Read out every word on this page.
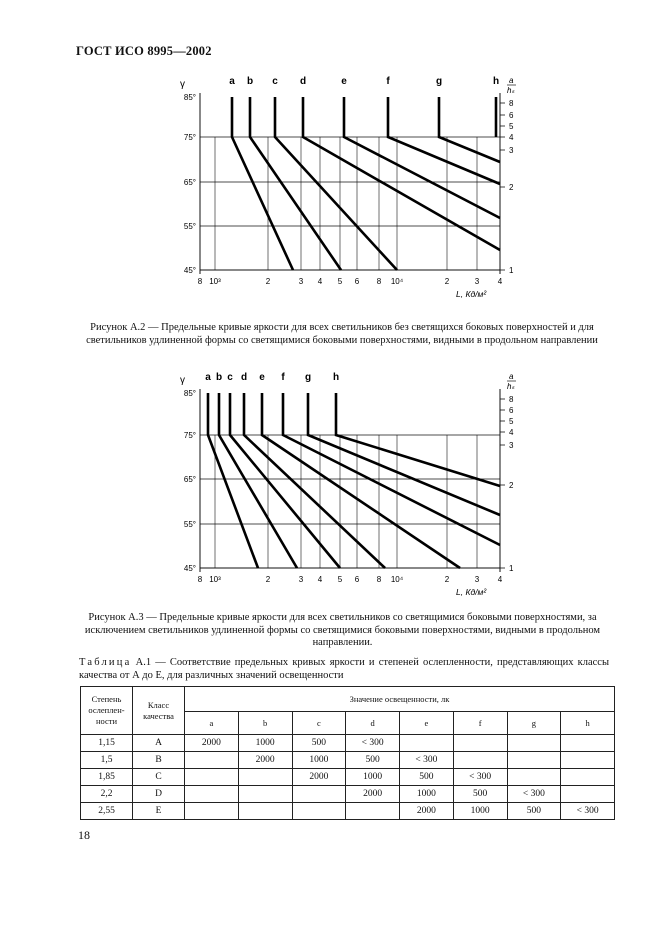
ГОСТ ИСО 8995—2002
85°
75°
65°
55°
45°
8 10³	2	3 4 5 6 8 10⁴	2	3 4
γ
L, Кд/м²
a
hₛ
8
6
5
4
3
2
1
a b c d	e	f	g	h
Рисунок А.2 — Предельные кривые яркости для всех светильников без светящихся боковых поверхностей и для светильников удлиненной формы со светящимися боковыми поверхностями, видными в продольном направлении
85°
75°
65°
55°
45°
8 10³	2	3 4 5 6 8 10⁴	2	3 4
γ
L, Кд/м²
a
hₛ
8
6
5
4
3
2
1
a b c d e f g h
Рисунок А.3 — Предельные кривые яркости для всех светильников со светящимися боковыми поверхностями, за исключением светильников удлиненной формы со светящимися боковыми поверхностями, видными в продольном направлении.
Таблица А.1 — Соответствие предельных кривых яркости и степеней ослепленности, представляющих классы качества от А до Е, для различных значений освещенности
Степень ослеплен-ности	Класс качества	Значение освещенности, лк							
		a	b	c	d	e	f	g	h
1,15	A	2000	1000	500	< 300				
1,5	B		2000	1000	500	< 300			
1,85	C			2000	1000	500	< 300		
2,2	D				2000	1000	500	< 300	
2,55	E					2000	1000	500	< 300
18
